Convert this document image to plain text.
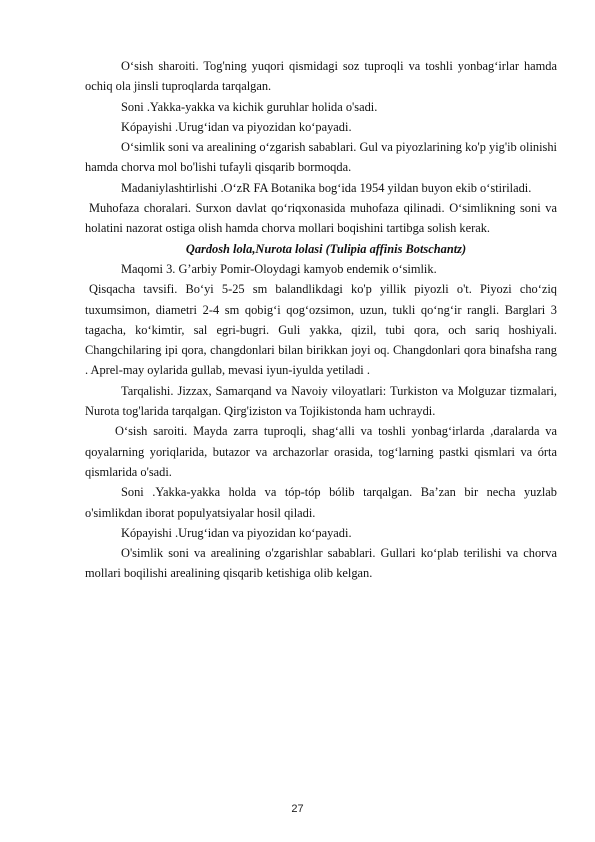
O‘sish sharoiti. Tog'ning yuqori qismidagi soz tuproqli va toshli yonbag‘irlar hamda ochiq ola jinsli tuproqlarda tarqalgan.

Soni .Yakka-yakka va kichik guruhlar holida o'sadi.

Kópayishi .Urug‘idan va piyozidan ko‘payadi.

O‘simlik soni va arealining o‘zgarish sabablari. Gul va piyozlarining ko'p yig'ib olinishi hamda chorva mol bo'lishi tufayli qisqarib bormoqda.

Madaniylashtirlishi .O‘zR FA Botanika bog‘ida 1954 yildan buyon ekib o‘stiriladi.

Muhofaza choralari. Surxon davlat qo‘riqxonasida muhofaza qilinadi. O‘simlikning soni va holatini nazorat ostiga olish hamda chorva mollari boqishini tartibga solish kerak.

Qardosh lola,Nurota lolasi (Tulipia affinis Botschantz)

Maqomi 3. G’arbiy Pomir-Oloydagi kamyob endemik o‘simlik.

Qisqacha tavsifi. Bo‘yi 5-25 sm balandlikdagi ko'p yillik piyozli o't. Piyozi cho‘ziq tuxumsimon, diametri 2-4 sm qobig‘i qog‘ozsimon, uzun, tukli qo‘ng‘ir rangli. Barglari 3 tagacha, ko‘kimtir, sal egri-bugri. Guli yakka, qizil, tubi qora, och sariq hoshiyali. Changchilaring ipi qora, changdonlari bilan birikkan joyi oq. Changdonlari qora binafsha rang . Aprel-may oylarida gullab, mevasi iyun-iyulda yetiladi .

Tarqalishi. Jizzax, Samarqand va Navoiy viloyatlari: Turkiston va Molguzar tizmalari, Nurota tog'larida tarqalgan. Qirg'iziston va Tojikistonda ham uchraydi.

O‘sish saroiti. Mayda zarra tuproqli, shag‘alli va toshli yonbag‘irlarda ,daralarda va qoyalarning yoriqlarida, butazor va archazorlar orasida, tog‘larning pastki qismlari va órta qismlarida o'sadi.

Soni .Yakka-yakka holda va tóp-tóp bólib tarqalgan. Ba’zan bir necha yuzlab o'simlikdan iborat populyatsiyalar hosil qiladi.

Kópayishi .Urug‘idan va piyozidan ko‘payadi.

O'simlik soni va arealining o'zgarishlar sabablari. Gullari ko‘plab terilishi va chorva mollari boqilishi arealining qisqarib ketishiga olib kelgan.

27
